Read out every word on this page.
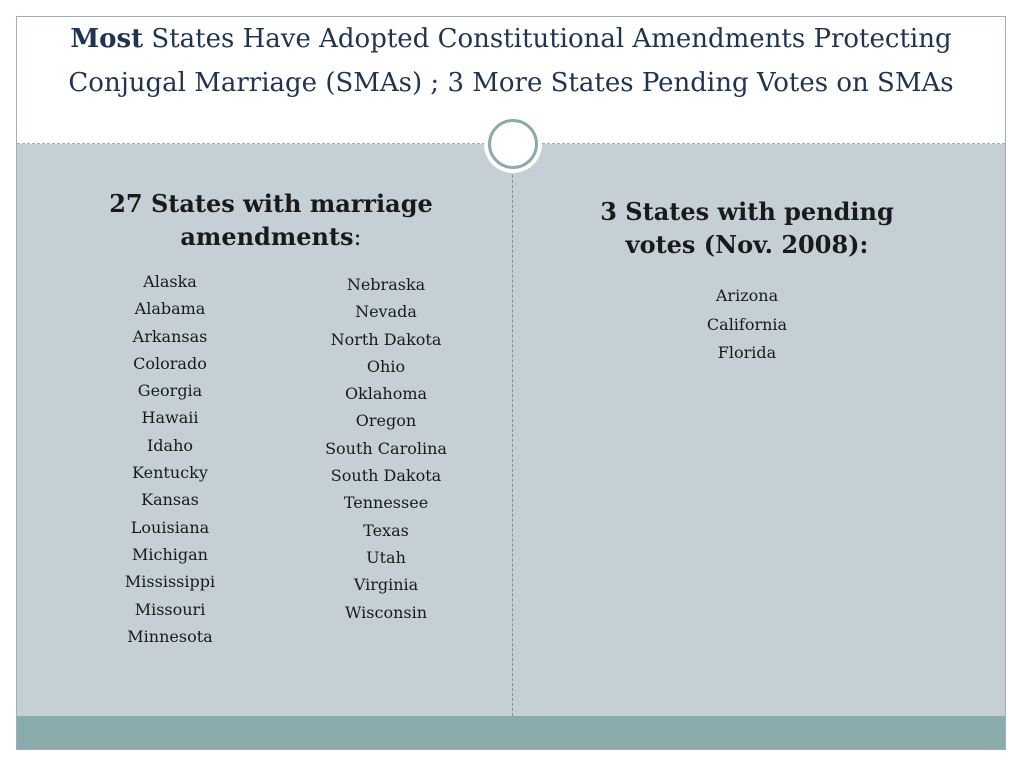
Most States Have Adopted Constitutional Amendments Protecting
Conjugal Marriage (SMAs) ; 3 More States Pending Votes on SMAs
27 States with marriage amendments:
Alaska
Alabama
Arkansas
Colorado
Georgia
Hawaii
Idaho
Kentucky
Kansas
Louisiana
Michigan
Mississippi
Missouri
Minnesota
Nebraska
Nevada
North Dakota
Ohio
Oklahoma
Oregon
South Carolina
South Dakota
Tennessee
Texas
Utah
Virginia
Wisconsin
3 States with pending votes (Nov. 2008):
Arizona
California
Florida
